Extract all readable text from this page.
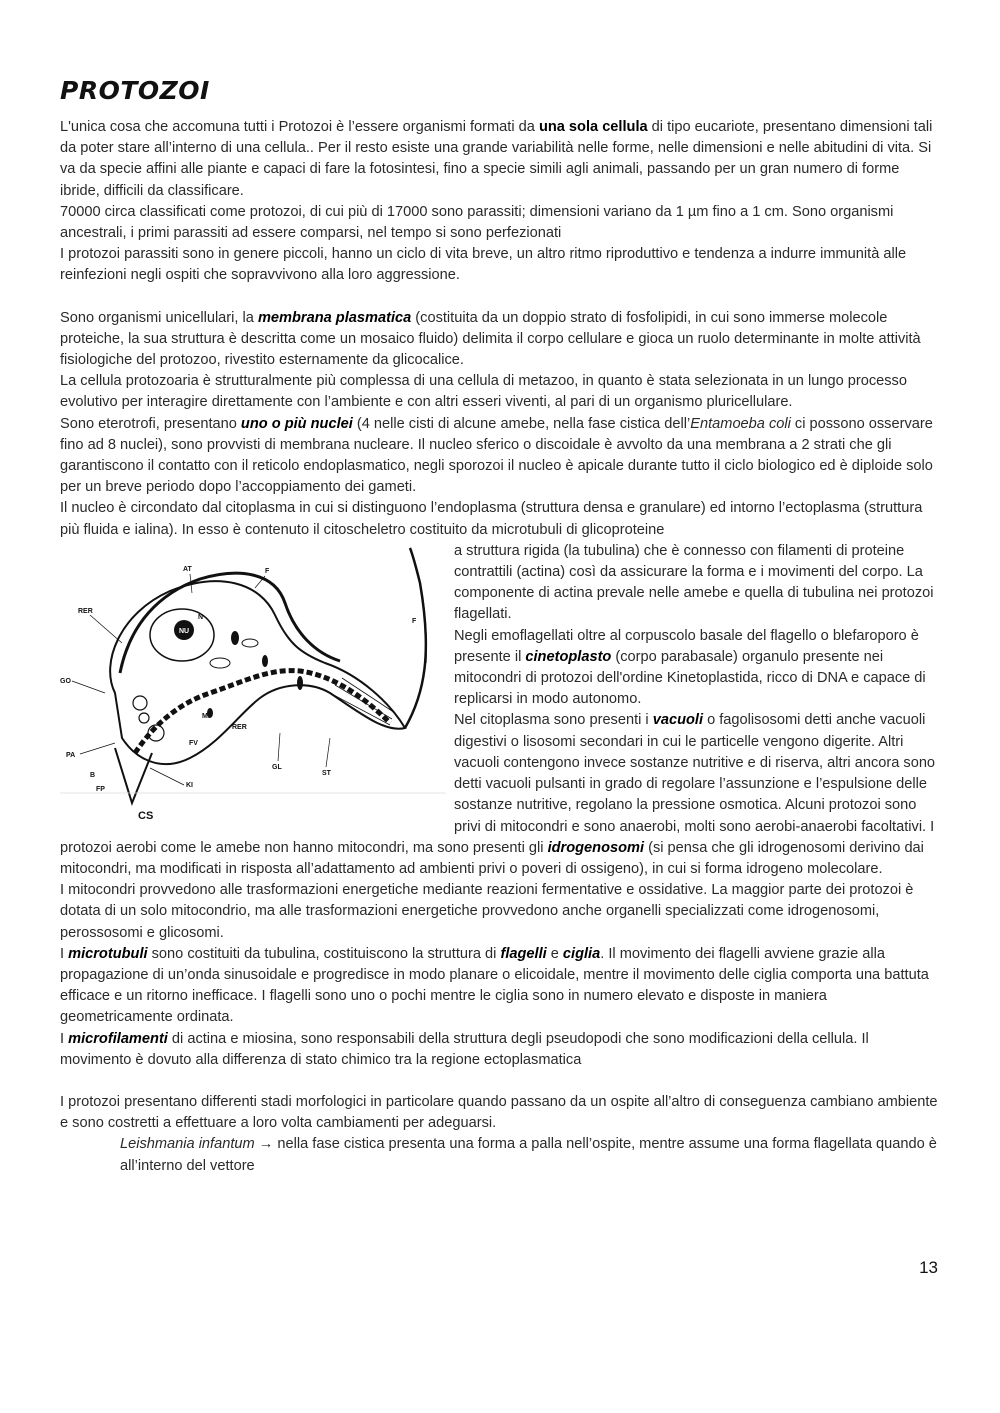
PROTOZOI

L'unica cosa che accomuna tutti i Protozoi è l’essere organismi formati da una sola cellula di tipo eucariote, presentano dimensioni tali da poter stare all’interno di una cellula.. Per il resto esiste una grande variabilità nelle forme, nelle dimensioni e nelle abitudini di vita. Si va da specie affini alle piante e capaci di fare la fotosintesi, fino a specie simili agli animali, passando per un gran numero di forme ibride, difficili da classificare.

70000 circa classificati come protozoi, di cui più di 17000 sono parassiti; dimensioni variano da 1 µm fino a 1 cm. Sono organismi ancestrali, i primi parassiti ad essere comparsi, nel tempo si sono perfezionati

I protozoi parassiti sono in genere piccoli, hanno un ciclo di vita breve, un altro ritmo riproduttivo e tendenza a indurre immunità alle reinfezioni negli ospiti che sopravvivono alla loro aggressione.

Sono organismi unicellulari, la membrana plasmatica (costituita da un doppio strato di fosfolipidi, in cui sono immerse molecole proteiche, la sua struttura è descritta come un mosaico fluido) delimita il corpo cellulare e gioca un ruolo determinante in molte attività fisiologiche del protozoo, rivestito esternamente da glicocalice.

La cellula protozoaria è strutturalmente più complessa di una cellula di metazoo, in quanto è stata selezionata in un lungo processo evolutivo per interagire direttamente con l’ambiente e con altri esseri viventi, al pari di un organismo pluricellulare.

Sono eterotrofi, presentano uno o più nuclei (4 nelle cisti di alcune amebe, nella fase cistica dell’Entamoeba coli ci possono osservare fino ad 8 nuclei), sono provvisti di membrana nucleare. Il nucleo sferico o discoidale è avvolto da una membrana a 2 strati che gli garantiscono il contatto con il reticolo endoplasmatico, negli sporozoi il nucleo è apicale durante tutto il ciclo biologico ed è diploide solo per un breve periodo dopo l’accoppiamento dei gameti.

Il nucleo è circondato dal citoplasma in cui si distinguono l’endoplasma (struttura densa e granulare) ed intorno l’ectoplasma (struttura più fluida e ialina). In esso è contenuto il citoscheletro costituito da microtubuli di glicoproteine

AT	F
F
RER
NU
N
GO
MI
RER
FV
GL
ST
PA
B
FP
KI
CS

a struttura rigida (la tubulina) che è connesso con filamenti di proteine contrattili (actina) così da assicurare la forma e i movimenti del corpo. La componente di actina prevale nelle amebe e quella di tubulina nei protozoi flagellati.

Negli emoflagellati oltre al corpuscolo basale del flagello o blefaroporo è presente il cinetoplasto (corpo parabasale) organulo presente nei mitocondri di protozoi dell'ordine Kinetoplastida, ricco di DNA e capace di replicarsi in modo autonomo.

Nel citoplasma sono presenti i vacuoli o fagolisosomi detti anche vacuoli digestivi o lisosomi secondari in cui le particelle vengono digerite. Altri vacuoli contengono invece sostanze nutritive e di riserva, altri ancora sono detti vacuoli pulsanti in grado di regolare l’assunzione e l’espulsione delle sostanze nutritive, regolano la pressione osmotica. Alcuni protozoi sono privi di mitocondri e sono anaerobi, molti sono aerobi-anaerobi facoltativi. I protozoi aerobi come le amebe non hanno mitocondri, ma sono presenti gli idrogenosomi (si pensa che gli idrogenosomi derivino dai mitocondri, ma modificati in risposta all’adattamento ad ambienti privi o poveri di ossigeno), in cui si forma idrogeno molecolare.

I mitocondri provvedono alle trasformazioni energetiche mediante reazioni fermentative e ossidative. La maggior parte dei protozoi è dotata di un solo mitocondrio, ma alle trasformazioni energetiche provvedono anche organelli specializzati come idrogenosomi, perossosomi e glicosomi.

I microtubuli sono costituiti da tubulina, costituiscono la struttura di flagelli e ciglia. Il movimento dei flagelli avviene grazie alla propagazione di un’onda sinusoidale e progredisce in modo planare o elicoidale, mentre il movimento delle ciglia comporta una battuta efficace e un ritorno inefficace. I flagelli sono uno o pochi mentre le ciglia sono in numero elevato e disposte in maniera geometricamente ordinata.

I microfilamenti di actina e miosina, sono responsabili della struttura degli pseudopodi che sono modificazioni della cellula. Il movimento è dovuto alla differenza di stato chimico tra la regione ectoplasmatica

I protozoi presentano differenti stadi morfologici in particolare quando passano da un ospite all’altro di conseguenza cambiano ambiente e sono costretti a effettuare a loro volta cambiamenti per adeguarsi.

Leishmania infantum → nella fase cistica presenta una forma a palla nell’ospite, mentre assume una forma flagellata quando è all’interno del vettore

13
